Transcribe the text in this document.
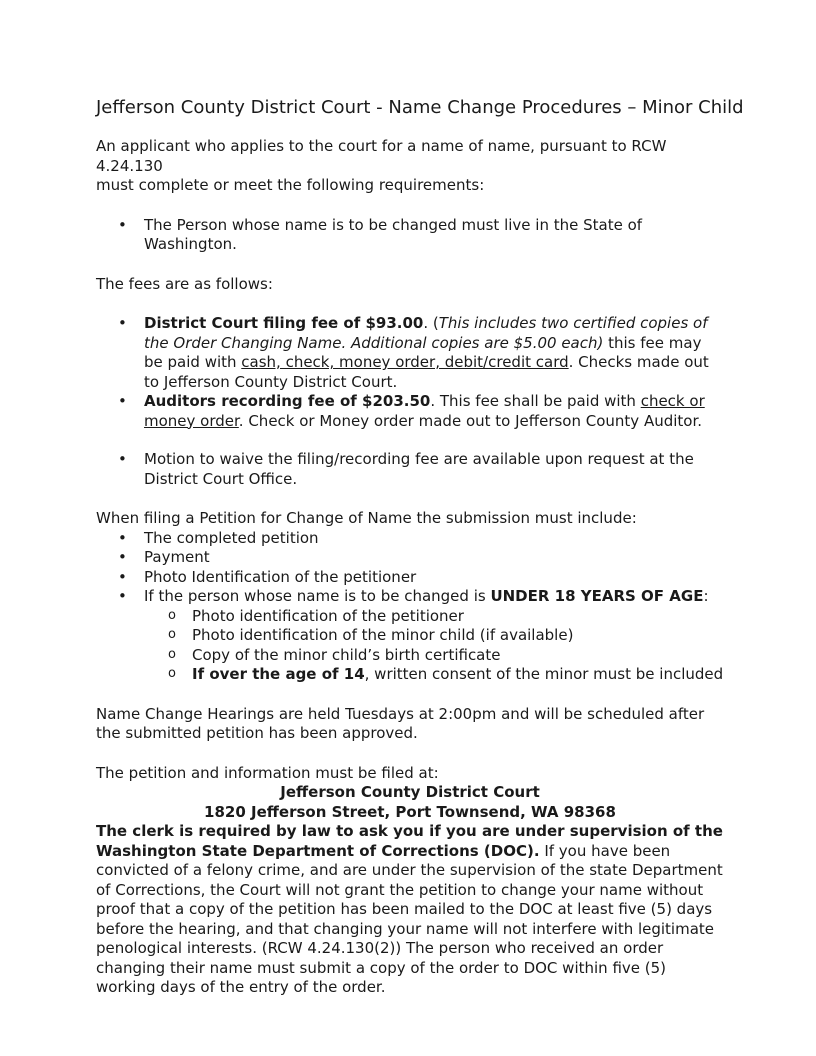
Jefferson County District Court - Name Change Procedures – Minor Child

An applicant who applies to the court for a name of name, pursuant to RCW 4.24.130
must complete or meet the following requirements:

• The Person whose name is to be changed must live in the State of Washington.

The fees are as follows:

• District Court filing fee of $93.00. (This includes two certified copies of the Order Changing Name. Additional copies are $5.00 each) this fee may be paid with cash, check, money order, debit/credit card. Checks made out to Jefferson County District Court.
• Auditors recording fee of $203.50. This fee shall be paid with check or money order. Check or Money order made out to Jefferson County Auditor.
• Motion to waive the filing/recording fee are available upon request at the District Court Office.

When filing a Petition for Change of Name the submission must include:

• The completed petition
• Payment
• Photo Identification of the petitioner
• If the person whose name is to be changed is UNDER 18 YEARS OF AGE:
o Photo identification of the petitioner
o Photo identification of the minor child (if available)
o Copy of the minor child’s birth certificate
o If over the age of 14, written consent of the minor must be included

Name Change Hearings are held Tuesdays at 2:00pm and will be scheduled after the submitted petition has been approved.

The petition and information must be filed at:

Jefferson County District Court

1820 Jefferson Street, Port Townsend, WA 98368

The clerk is required by law to ask you if you are under supervision of the Washington State Department of Corrections (DOC). If you have been convicted of a felony crime, and are under the supervision of the state Department of Corrections, the Court will not grant the petition to change your name without proof that a copy of the petition has been mailed to the DOC at least five (5) days before the hearing, and that changing your name will not interfere with legitimate penological interests. (RCW 4.24.130(2)) The person who received an order changing their name must submit a copy of the order to DOC within five (5) working days of the entry of the order.
